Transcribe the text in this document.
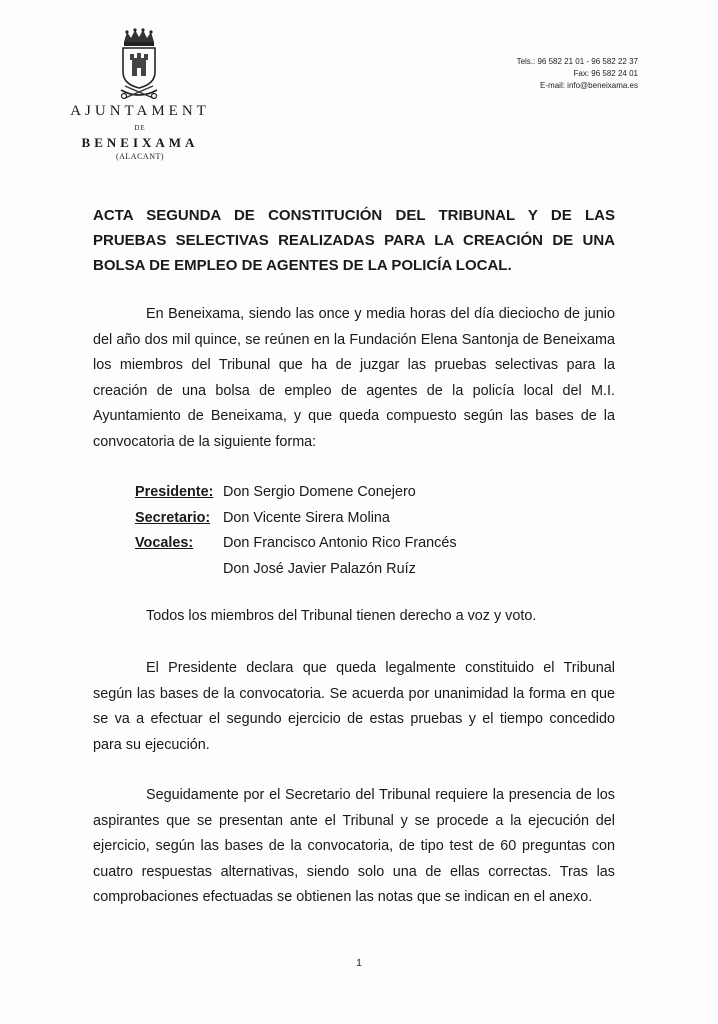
AJUNTAMENT
DE
BENEIXAMA
(ALACANT)
Tels.: 96 582 21 01 - 96 582 22 37
Fax: 96 582 24 01
E-mail: info@beneixama.es
ACTA SEGUNDA DE CONSTITUCIÓN DEL TRIBUNAL Y DE LAS PRUEBAS SELECTIVAS REALIZADAS PARA LA CREACIÓN DE UNA BOLSA DE EMPLEO DE AGENTES DE LA POLICÍA LOCAL.
En Beneixama, siendo las once y media horas del día dieciocho de junio del año dos mil quince, se reúnen en la Fundación Elena Santonja de Beneixama los miembros del Tribunal que ha de juzgar las pruebas selectivas para la creación de una bolsa de empleo de agentes de la policía local del M.I. Ayuntamiento de Beneixama, y que queda compuesto según las bases de la convocatoria de la siguiente forma:
Presidente: Don Sergio Domene Conejero
Secretario: Don Vicente Sirera Molina
Vocales:	Don Francisco Antonio Rico Francés
Don José Javier Palazón Ruíz
Todos los miembros del Tribunal tienen derecho a voz y voto.
El Presidente declara que queda legalmente constituido el Tribunal según las bases de la convocatoria. Se acuerda por unanimidad la forma en que se va a efectuar el segundo ejercicio de estas pruebas y el tiempo concedido para su ejecución.
Seguidamente por el Secretario del Tribunal requiere la presencia de los aspirantes que se presentan ante el Tribunal y se procede a la ejecución del ejercicio, según las bases de la convocatoria, de tipo test de 60 preguntas con cuatro respuestas alternativas, siendo solo una de ellas correctas. Tras las comprobaciones efectuadas se obtienen las notas que se indican en el anexo.
1
